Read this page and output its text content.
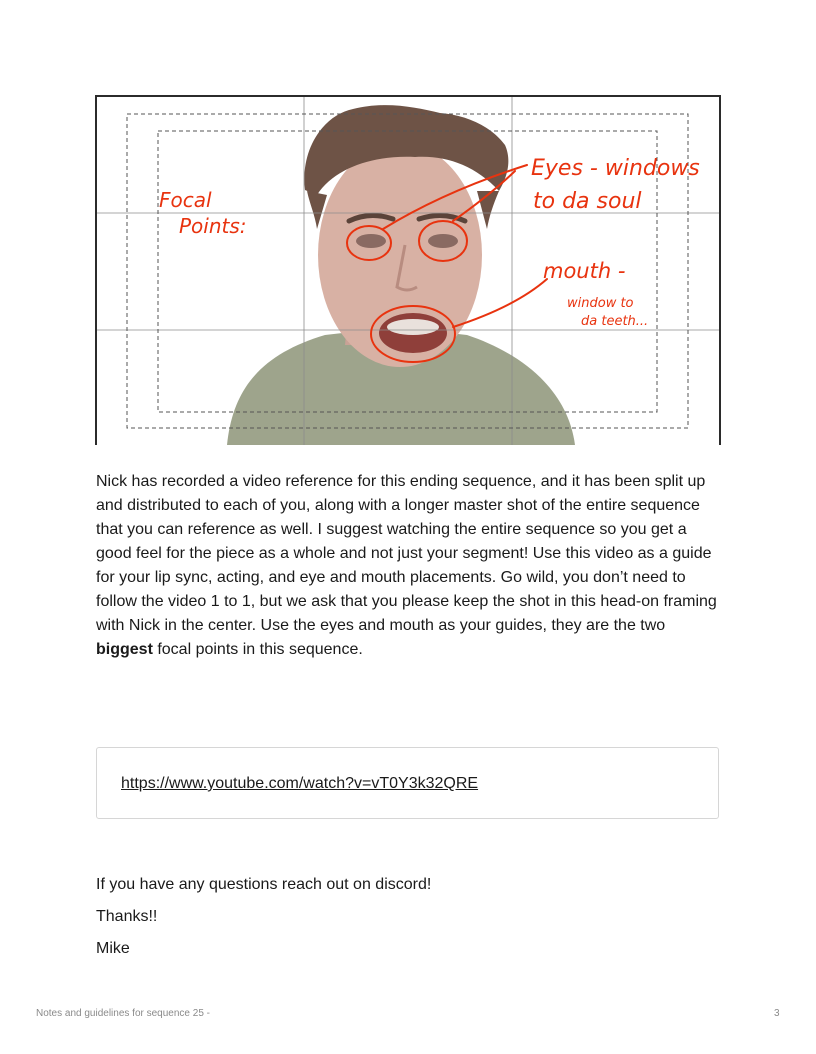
Focal
Points:
Eyes - windows
to da soul
mouth -
window to
da teeth...

Nick has recorded a video reference for this ending sequence, and it has been split up and distributed to each of you, along with a longer master shot of the entire sequence that you can reference as well. I suggest watching the entire sequence so you get a good feel for the piece as a whole and not just your segment! Use this video as a guide for your lip sync, acting, and eye and mouth placements. Go wild, you don’t need to follow the video 1 to 1, but we ask that you please keep the shot in this head-on framing with Nick in the center. Use the eyes and mouth as your guides, they are the two biggest focal points in this sequence.

https://www.youtube.com/watch?v=vT0Y3k32QRE

If you have any questions reach out on discord!

Thanks!!

Mike

Notes and guidelines for sequence 25 -	3
